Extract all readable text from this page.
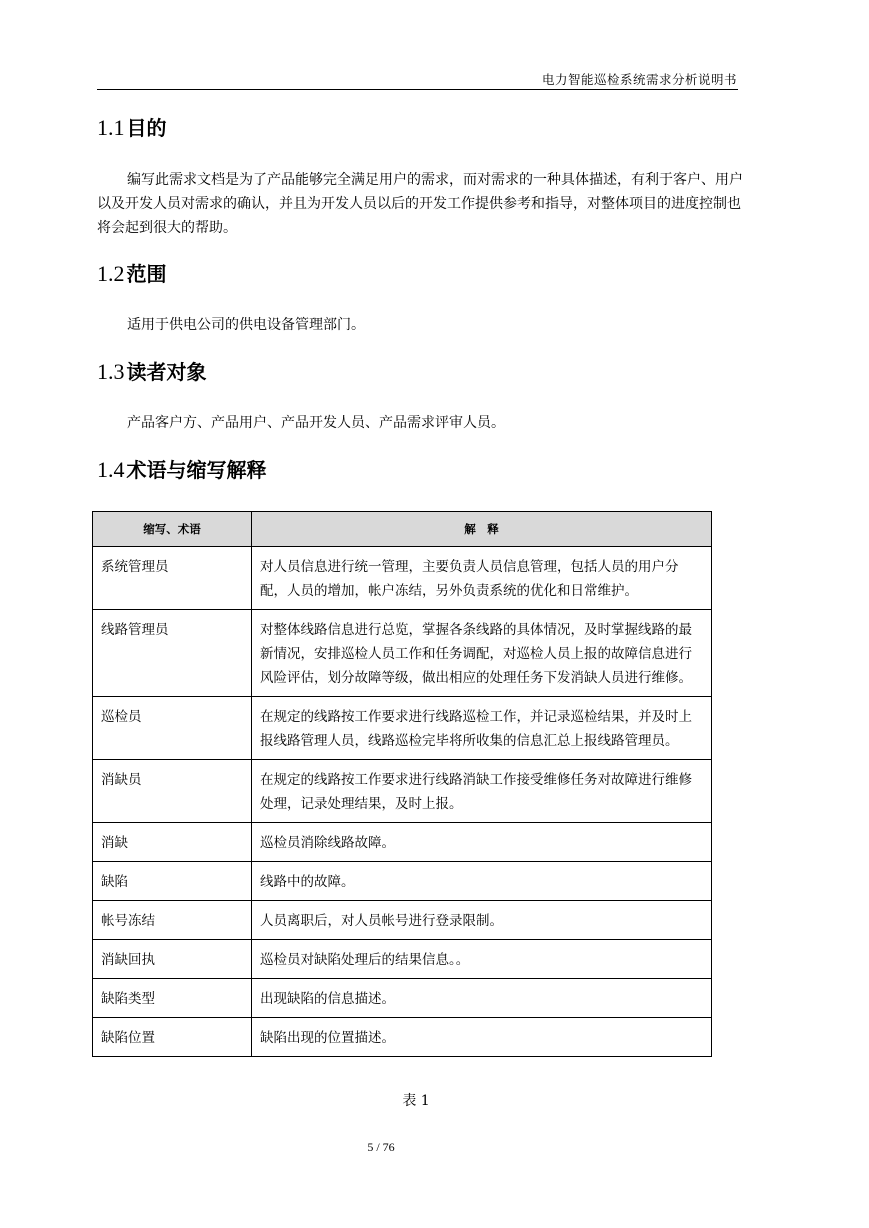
电力智能巡检系统需求分析说明书
1.1 目的

编写此需求文档是为了产品能够完全满足用户的需求，而对需求的一种具体描述，有利于客户、用户以及开发人员对需求的确认，并且为开发人员以后的开发工作提供参考和指导，对整体项目的进度控制也将会起到很大的帮助。

1.2 范围

适用于供电公司的供电设备管理部门。

1.3 读者对象

产品客户方、产品用户、产品开发人员、产品需求评审人员。

1.4 术语与缩写解释
缩写、术语	解　释
系统管理员	对人员信息进行统一管理，主要负责人员信息管理，包括人员的用户分配，人员的增加，帐户冻结，另外负责系统的优化和日常维护。
线路管理员	对整体线路信息进行总览，掌握各条线路的具体情况，及时掌握线路的最新情况，安排巡检人员工作和任务调配，对巡检人员上报的故障信息进行风险评估，划分故障等级，做出相应的处理任务下发消缺人员进行维修。
巡检员	在规定的线路按工作要求进行线路巡检工作，并记录巡检结果，并及时上报线路管理人员，线路巡检完毕将所收集的信息汇总上报线路管理员。
消缺员	在规定的线路按工作要求进行线路消缺工作接受维修任务对故障进行维修处理，记录处理结果，及时上报。
消缺	巡检员消除线路故障。
缺陷	线路中的故障。
帐号冻结	人员离职后，对人员帐号进行登录限制。
消缺回执	巡检员对缺陷处理后的结果信息。。
缺陷类型	出现缺陷的信息描述。
缺陷位置	缺陷出现的位置描述。
表 1
5 / 76
